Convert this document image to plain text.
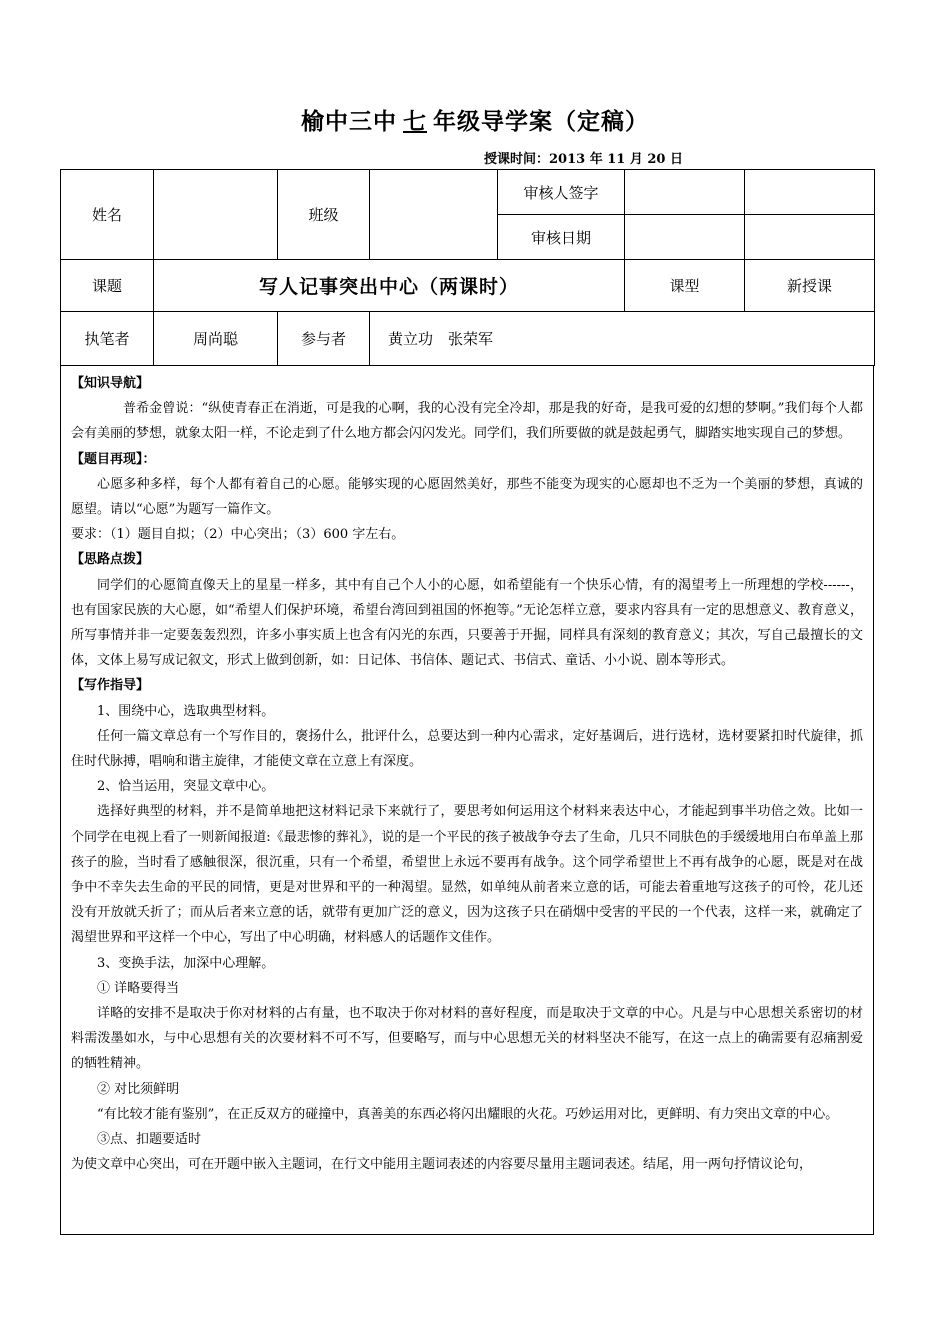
榆中三中 七 年级导学案（定稿）
授课时间：2013 年 11 月 20 日
姓名		班级		审核人签字		
				审核日期		
课题	写人记事突出中心（两课时）				课型	新授课
执笔者	周尚聪	参与者	黄立功　张荣军			

【知识导航】

普希金曾说：“纵使青春正在消逝，可是我的心啊，我的心没有完全冷却，那是我的好奇，是我可爱的幻想的梦啊。”我们每个人都会有美丽的梦想，就象太阳一样，不论走到了什么地方都会闪闪发光。同学们，我们所要做的就是鼓起勇气，脚踏实地实现自己的梦想。

【题目再现】：

心愿多种多样，每个人都有着自己的心愿。能够实现的心愿固然美好，那些不能变为现实的心愿却也不乏为一个美丽的梦想，真诚的愿望。请以“心愿”为题写一篇作文。

要求：（1）题目自拟；（2）中心突出；（3）600 字左右。

【思路点拨】

同学们的心愿简直像天上的星星一样多，其中有自己个人小的心愿，如希望能有一个快乐心情，有的渴望考上一所理想的学校------，也有国家民族的大心愿，如“希望人们保护环境，希望台湾回到祖国的怀抱等。”无论怎样立意，要求内容具有一定的思想意义、教育意义，所写事情并非一定要轰轰烈烈，许多小事实质上也含有闪光的东西，只要善于开掘，同样具有深刻的教育意义；其次，写自己最擅长的文体，文体上易写成记叙文，形式上做到创新，如：日记体、书信体、题记式、书信式、童话、小小说、剧本等形式。

【写作指导】

1、围绕中心，选取典型材料。

任何一篇文章总有一个写作目的，褒扬什么，批评什么，总要达到一种内心需求，定好基调后，进行选材，选材要紧扣时代旋律，抓住时代脉搏，唱响和谐主旋律，才能使文章在立意上有深度。

2、恰当运用，突显文章中心。

选择好典型的材料，并不是简单地把这材料记录下来就行了，要思考如何运用这个材料来表达中心，才能起到事半功倍之效。比如一个同学在电视上看了一则新闻报道:《最悲惨的葬礼》，说的是一个平民的孩子被战争夺去了生命，几只不同肤色的手缓缓地用白布单盖上那孩子的脸，当时看了感触很深，很沉重，只有一个希望，希望世上永远不要再有战争。这个同学希望世上不再有战争的心愿，既是对在战争中不幸失去生命的平民的同情，更是对世界和平的一种渴望。显然，如单纯从前者来立意的话，可能去着重地写这孩子的可怜，花儿还没有开放就夭折了；而从后者来立意的话，就带有更加广泛的意义，因为这孩子只在硝烟中受害的平民的一个代表，这样一来，就确定了渴望世界和平这样一个中心，写出了中心明确，材料感人的话题作文佳作。

3、变换手法，加深中心理解。

① 详略要得当

详略的安排不是取决于你对材料的占有量，也不取决于你对材料的喜好程度，而是取决于文章的中心。凡是与中心思想关系密切的材料需泼墨如水，与中心思想有关的次要材料不可不写，但要略写，而与中心思想无关的材料坚决不能写，在这一点上的确需要有忍痛割爱的牺牲精神。

② 对比须鲜明

“有比较才能有鉴别”，在正反双方的碰撞中，真善美的东西必将闪出耀眼的火花。巧妙运用对比，更鲜明、有力突出文章的中心。

③点、扣题要适时

为使文章中心突出，可在开题中嵌入主题词，在行文中能用主题词表述的内容要尽量用主题词表述。结尾，用一两句抒情议论句，
